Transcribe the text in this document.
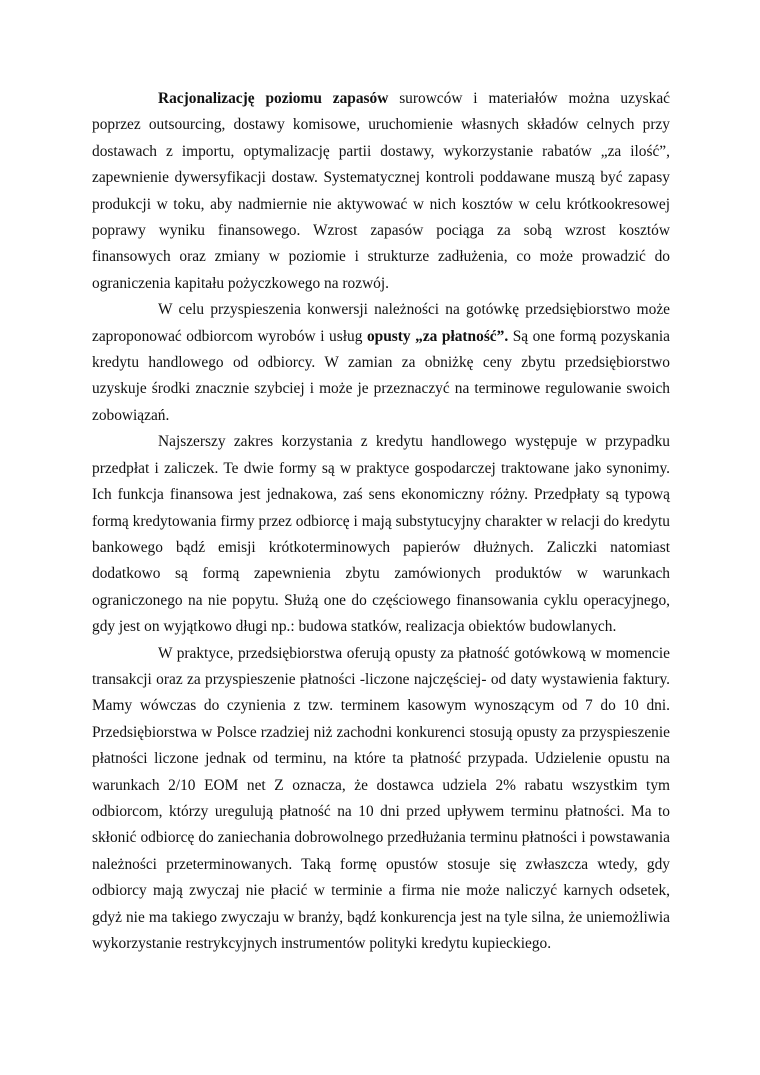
Racjonalizację poziomu zapasów surowców i materiałów można uzyskać poprzez outsourcing, dostawy komisowe, uruchomienie własnych składów celnych przy dostawach z importu, optymalizację partii dostawy, wykorzystanie rabatów „za ilość”, zapewnienie dywersyfikacji dostaw. Systematycznej kontroli poddawane muszą być zapasy produkcji w toku, aby nadmiernie nie aktywować w nich kosztów w celu krótkookresowej poprawy wyniku finansowego. Wzrost zapasów pociąga za sobą wzrost kosztów finansowych oraz zmiany w poziomie i strukturze zadłużenia, co może prowadzić do ograniczenia kapitału pożyczkowego na rozwój.

W celu przyspieszenia konwersji należności na gotówkę przedsiębiorstwo może zaproponować odbiorcom wyrobów i usług opusty „za płatność”. Są one formą pozyskania kredytu handlowego od odbiorcy. W zamian za obniżkę ceny zbytu przedsiębiorstwo uzyskuje środki znacznie szybciej i może je przeznaczyć na terminowe regulowanie swoich zobowiązań.

Najszerszy zakres korzystania z kredytu handlowego występuje w przypadku przedpłat i zaliczek. Te dwie formy są w praktyce gospodarczej traktowane jako synonimy. Ich funkcja finansowa jest jednakowa, zaś sens ekonomiczny różny. Przedpłaty są typową formą kredytowania firmy przez odbiorcę i mają substytucyjny charakter w relacji do kredytu bankowego bądź emisji krótkoterminowych papierów dłużnych. Zaliczki natomiast dodatkowo są formą zapewnienia zbytu zamówionych produktów w warunkach ograniczonego na nie popytu. Służą one do częściowego finansowania cyklu operacyjnego, gdy jest on wyjątkowo długi np.: budowa statków, realizacja obiektów budowlanych.

W praktyce, przedsiębiorstwa oferują opusty za płatność gotówkową w momencie transakcji oraz za przyspieszenie płatności -liczone najczęściej- od daty wystawienia faktury. Mamy wówczas do czynienia z tzw. terminem kasowym wynoszącym od 7 do 10 dni. Przedsiębiorstwa w Polsce rzadziej niż zachodni konkurenci stosują opusty za przyspieszenie płatności liczone jednak od terminu, na które ta płatność przypada. Udzielenie opustu na warunkach 2/10 EOM net Z oznacza, że dostawca udziela 2% rabatu wszystkim tym odbiorcom, którzy uregulują płatność na 10 dni przed upływem terminu płatności. Ma to skłonić odbiorcę do zaniechania dobrowolnego przedłużania terminu płatności i powstawania należności przeterminowanych. Taką formę opustów stosuje się zwłaszcza wtedy, gdy odbiorcy mają zwyczaj nie płacić w terminie a firma nie może naliczyć karnych odsetek, gdyż nie ma takiego zwyczaju w branży, bądź konkurencja jest na tyle silna, że uniemożliwia wykorzystanie restrykcyjnych instrumentów polityki kredytu kupieckiego.
